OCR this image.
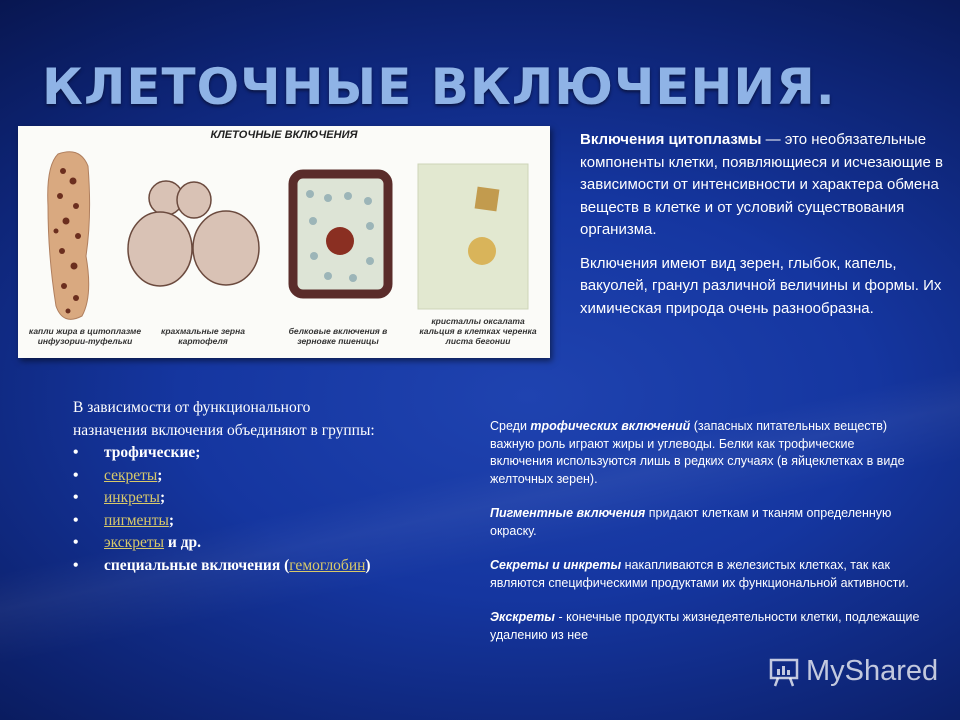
КЛЕТОЧНЫЕ ВКЛЮЧЕНИЯ.
КЛЕТОЧНЫЕ ВКЛЮЧЕНИЯ
капли жира в цитоплазме инфузории-туфельки
крахмальные зерна картофеля
белковые включения в зерновке пшеницы
кристаллы оксалата кальция в клетках черенка листа бегонии

Включения цитоплазмы — это необязательные компоненты клетки, появляющиеся и исчезающие в зависимости от интенсивности и характера обмена веществ в клетке и от условий существования организма.

Включения имеют вид зерен, глыбок, капель, вакуолей, гранул различной величины и формы. Их химическая природа очень разнообразна.

В зависимости от функционального назначения включения объединяют в группы:
• трофические;
• секреты;
• инкреты;
• пигменты;
• экскреты и др.
• специальные включения (гемоглобин)

Среди трофических включений (запасных питательных веществ) важную роль играют жиры и углеводы. Белки как трофические включения используются лишь в редких случаях (в яйцеклетках в виде желточных зерен).

Пигментные включения придают клеткам и тканям определенную окраску.

Секреты и инкреты накапливаются в железистых клетках, так как являются специфическими продуктами их функциональной активности.

Экскреты - конечные продукты жизнедеятельности клетки, подлежащие удалению из нее

MyShared
